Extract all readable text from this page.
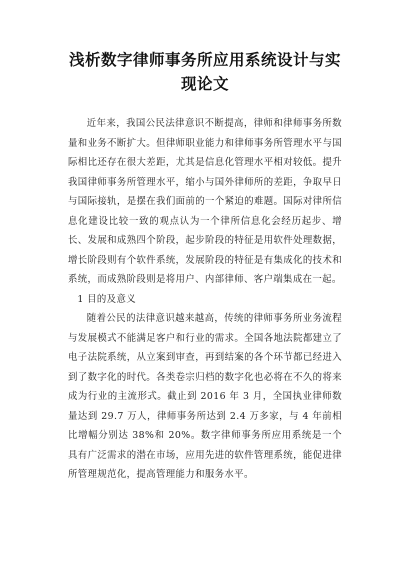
浅析数字律师事务所应用系统设计与实现论文

近年来，我国公民法律意识不断提高，律师和律师事务所数量和业务不断扩大。但律师职业能力和律师事务所管理水平与国际相比还存在很大差距，尤其是信息化管理水平相对较低。提升我国律师事务所管理水平，缩小与国外律师所的差距，争取早日与国际接轨，是摆在我们面前的一个紧迫的难题。国际对律所信息化建设比较一致的观点认为一个律所信息化会经历起步、增长、发展和成熟四个阶段，起步阶段的特征是用软件处理数据，增长阶段则有个软件系统，发展阶段的特征是有集成化的技术和系统，而成熟阶段则是将用户、内部律师、客户端集成在一起。

1 目的及意义

随着公民的法律意识越来越高，传统的律师事务所业务流程与发展模式不能满足客户和行业的需求。全国各地法院都建立了电子法院系统，从立案到审查，再到结案的各个环节都已经进入到了数字化的时代。各类卷宗归档的数字化也必将在不久的将来成为行业的主流形式。截止到 2016 年 3 月，全国执业律师数量达到 29.7 万人，律师事务所达到 2.4 万多家，与 4 年前相比增幅分别达 38%和 20%。数字律师事务所应用系统是一个具有广泛需求的潜在市场，应用先进的软件管理系统，能促进律所管理规范化，提高管理能力和服务水平。
